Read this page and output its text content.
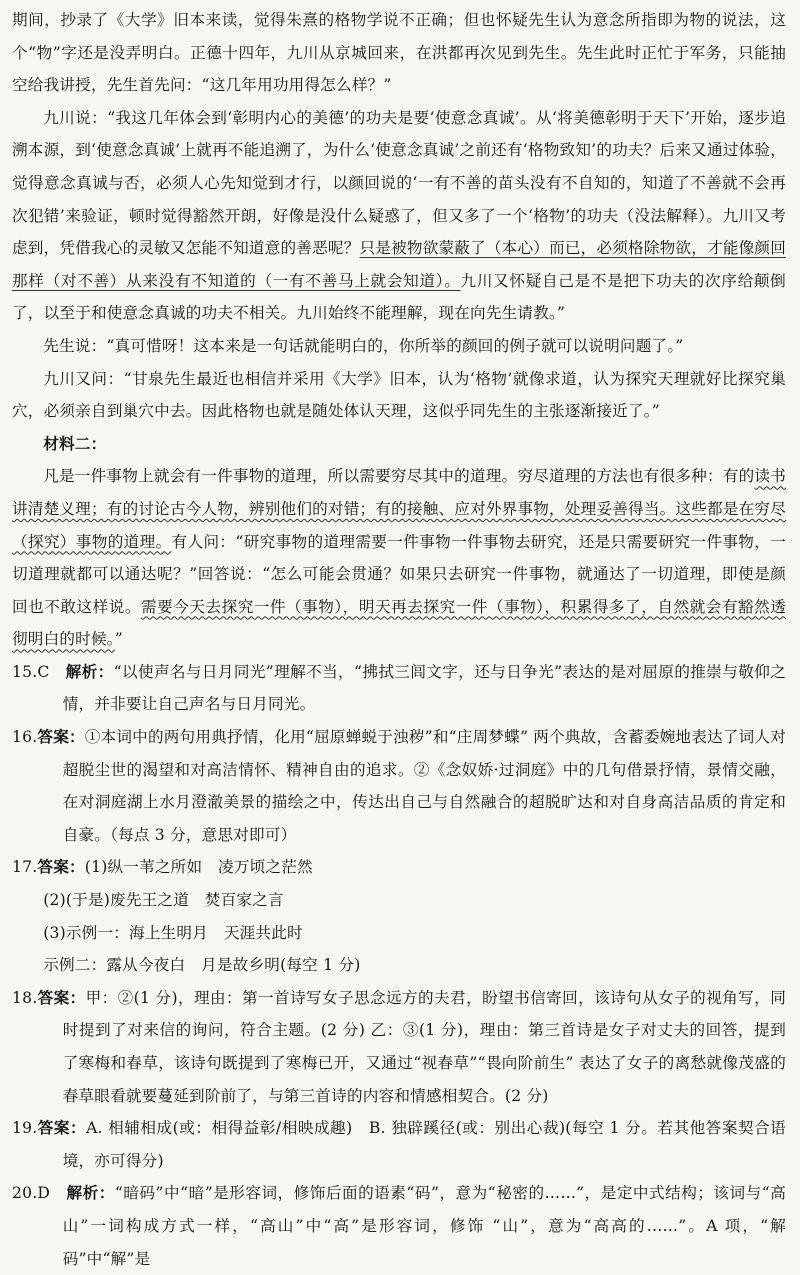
期间，抄录了《大学》旧本来读，觉得朱熹的格物学说不正确；但也怀疑先生认为意念所指即为物的说法，这个“物”字还是没弄明白。正德十四年，九川从京城回来，在洪都再次见到先生。先生此时正忙于军务，只能抽空给我讲授，先生首先问：“这几年用功用得怎么样？”

九川说：“我这几年体会到‘彰明内心的美德’的功夫是要‘使意念真诚’。从‘将美德彰明于天下’开始，逐步追溯本源，到‘使意念真诚’上就再不能追溯了，为什么‘使意念真诚’之前还有‘格物致知’的功夫？后来又通过体验，觉得意念真诚与否，必须人心先知觉到才行，以颜回说的‘一有不善的苗头没有不自知的，知道了不善就不会再次犯错’来验证，顿时觉得豁然开朗，好像是没什么疑惑了，但又多了一个‘格物’的功夫（没法解释）。九川又考虑到，凭借我心的灵敏又怎能不知道意的善恶呢？只是被物欲蒙蔽了（本心）而已，必须格除物欲，才能像颜回那样（对不善）从来没有不知道的（一有不善马上就会知道）。九川又怀疑自己是不是把下功夫的次序给颠倒了，以至于和使意念真诚的功夫不相关。九川始终不能理解，现在向先生请教。”

先生说：“真可惜呀！这本来是一句话就能明白的，你所举的颜回的例子就可以说明问题了。”

九川又问：“甘泉先生最近也相信并采用《大学》旧本，认为‘格物’就像求道，认为探究天理就好比探究巢穴，必须亲自到巢穴中去。因此格物也就是随处体认天理，这似乎同先生的主张逐渐接近了。”

材料二：

凡是一件事物上就会有一件事物的道理，所以需要穷尽其中的道理。穷尽道理的方法也有很多种：有的读书讲清楚义理；有的讨论古今人物，辨别他们的对错；有的接触、应对外界事物，处理妥善得当。这些都是在穷尽（探究）事物的道理。有人问：“研究事物的道理需要一件事物一件事物去研究，还是只需要研究一件事物，一切道理就都可以通达呢？”回答说：“怎么可能会贯通？如果只去研究一件事物，就通达了一切道理，即使是颜回也不敢这样说。需要今天去探究一件（事物），明天再去探究一件（事物），积累得多了，自然就会有豁然透彻明白的时候。”

15.C　 解析：“以使声名与日月同光”理解不当，“拂拭三闾文字，还与日争光”表达的是对屈原的推崇与敬仰之情，并非要让自己声名与日月同光。

16.答案：①本词中的两句用典抒情，化用“屈原蝉蜕于浊秽”和“庄周梦蝶” 两个典故，含蓄委婉地表达了词人对超脱尘世的渴望和对高洁情怀、精神自由的追求。②《念奴娇·过洞庭》中的几句借景抒情，景情交融，在对洞庭湖上水月澄澈美景的描绘之中，传达出自己与自然融合的超脱旷达和对自身高洁品质的肯定和自豪。（每点 3 分，意思对即可）

17.答案：(1)纵一苇之所如　凌万顷之茫然

(2)(于是)废先王之道　焚百家之言

(3)示例一：海上生明月　天涯共此时

示例二：露从今夜白　月是故乡明(每空 1 分)

18.答案：甲：②(1 分)，理由：第一首诗写女子思念远方的夫君，盼望书信寄回，该诗句从女子的视角写，同时提到了对来信的询问，符合主题。(2 分) 乙：③(1 分)，理由：第三首诗是女子对丈夫的回答，提到了寒梅和春草，该诗句既提到了寒梅已开，又通过“视春草”“畏向阶前生” 表达了女子的离愁就像茂盛的春草眼看就要蔓延到阶前了，与第三首诗的内容和情感相契合。(2 分)

19.答案：A. 相辅相成(或：相得益彰/相映成趣)　B. 独辟蹊径(或：别出心裁)(每空 1 分。若其他答案契合语境，亦可得分)

20.D　 解析：“暗码”中“暗”是形容词，修饰后面的语素“码”，意为“秘密的……”，是定中式结构；该词与“高山”一词构成方式一样，“高山”中“高”是形容词，修饰 “山”，意为“高高的……”。A 项，“解码”中“解”是
